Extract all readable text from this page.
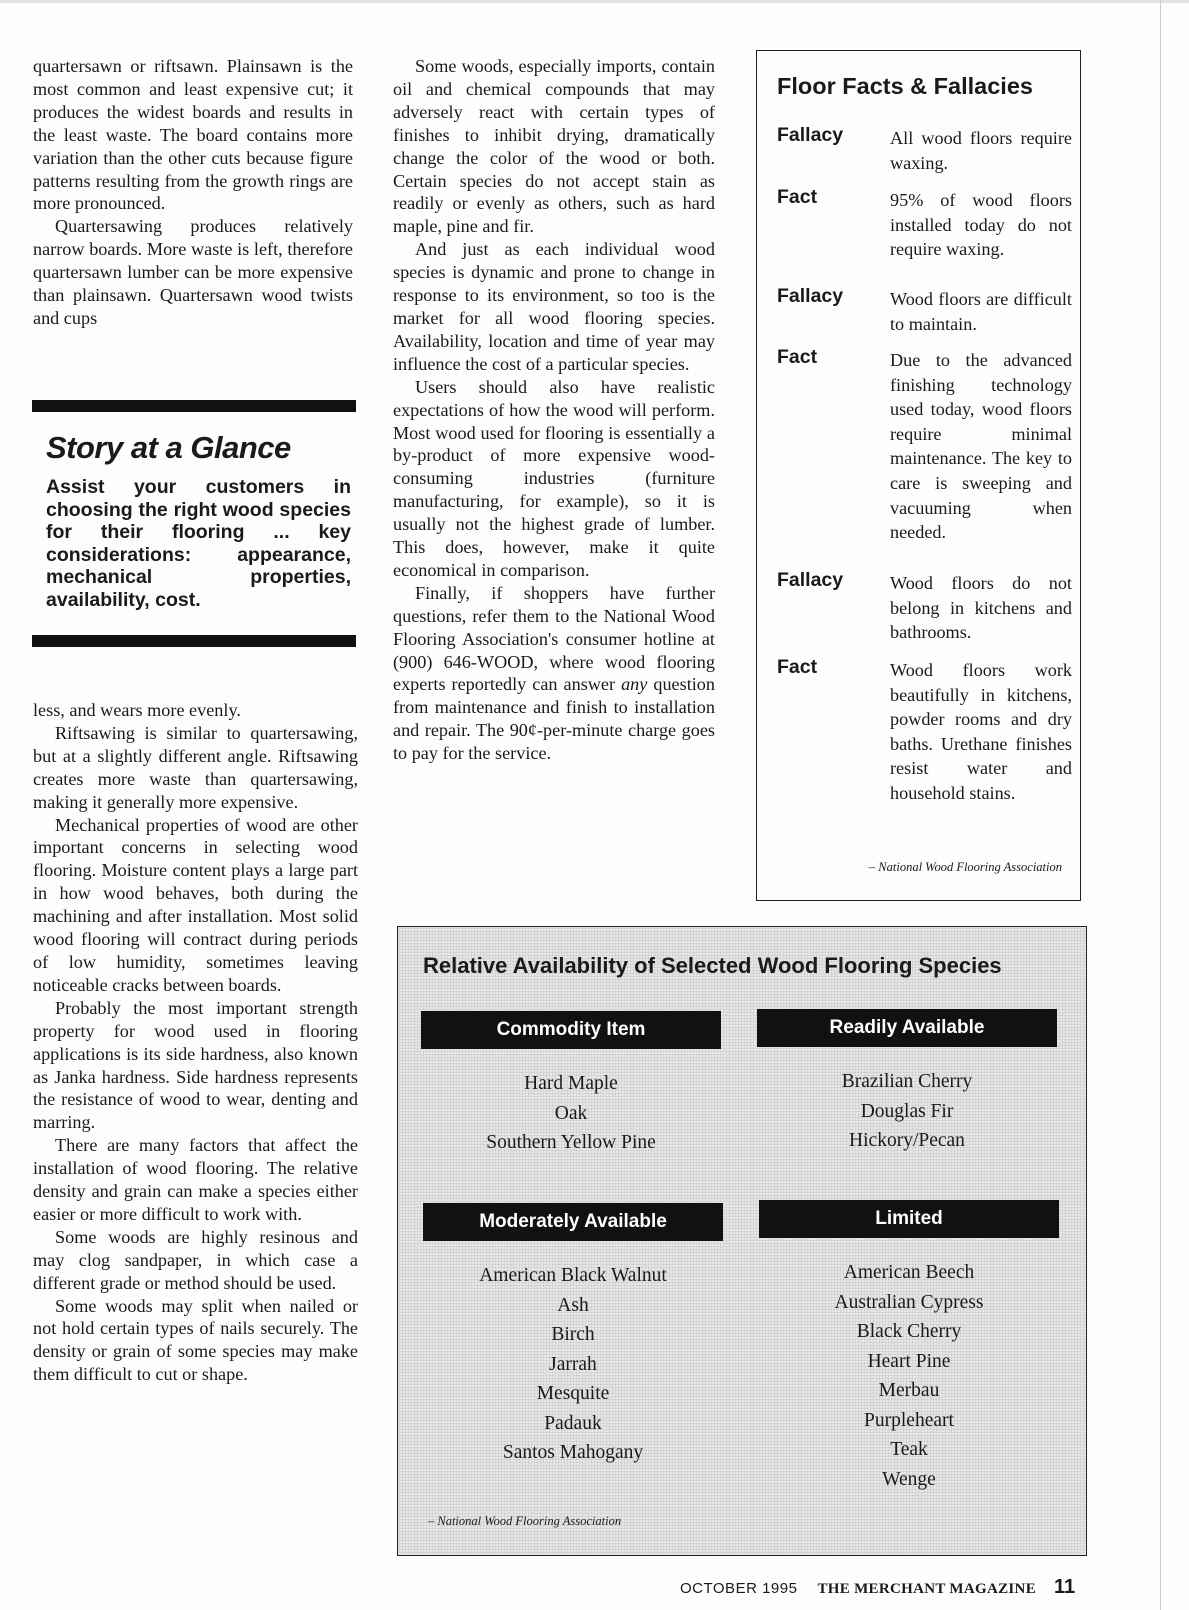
quartersawn or riftsawn. Plainsawn is the most common and least expensive cut; it produces the widest boards and results in the least waste. The board contains more variation than the other cuts because figure patterns resulting from the growth rings are more pronounced.

Quartersawing produces relatively narrow boards. More waste is left, therefore quartersawn lumber can be more expensive than plainsawn. Quartersawn wood twists and cups

Story at a Glance
Assist your customers in choosing the right wood species for their flooring ... key considerations: appearance, mechanical properties, availability, cost.

less, and wears more evenly.

Riftsawing is similar to quartersawing, but at a slightly different angle. Riftsawing creates more waste than quartersawing, making it generally more expensive.

Mechanical properties of wood are other important concerns in selecting wood flooring. Moisture content plays a large part in how wood behaves, both during the machining and after installation. Most solid wood flooring will contract during periods of low humidity, sometimes leaving noticeable cracks between boards.

Probably the most important strength property for wood used in flooring applications is its side hardness, also known as Janka hardness. Side hardness represents the resistance of wood to wear, denting and marring.

There are many factors that affect the installation of wood flooring. The relative density and grain can make a species either easier or more difficult to work with.

Some woods are highly resinous and may clog sandpaper, in which case a different grade or method should be used.

Some woods may split when nailed or not hold certain types of nails securely. The density or grain of some species may make them difficult to cut or shape.

Some woods, especially imports, contain oil and chemical compounds that may adversely react with certain types of finishes to inhibit drying, dramatically change the color of the wood or both. Certain species do not accept stain as readily or evenly as others, such as hard maple, pine and fir.

And just as each individual wood species is dynamic and prone to change in response to its environment, so too is the market for all wood flooring species. Availability, location and time of year may influence the cost of a particular species.

Users should also have realistic expectations of how the wood will perform. Most wood used for flooring is essentially a by-product of more expensive wood-consuming industries (furniture manufacturing, for example), so it is usually not the highest grade of lumber. This does, however, make it quite economical in comparison.

Finally, if shoppers have further questions, refer them to the National Wood Flooring Association's consumer hotline at (900) 646-WOOD, where wood flooring experts reportedly can answer any question from maintenance and finish to installation and repair. The 90¢-per-minute charge goes to pay for the service.

Floor Facts & Fallacies
Fallacy	All wood floors require waxing.
Fact	95% of wood floors installed today do not require waxing.
Fallacy	Wood floors are difficult to maintain.
Fact	Due to the advanced finishing technology used today, wood floors require minimal maintenance. The key to care is sweeping and vacuuming when needed.
Fallacy	Wood floors do not belong in kitchens and bathrooms.
Fact	Wood floors work beautifully in kitchens, powder rooms and dry baths. Urethane finishes resist water and household stains.
– National Wood Flooring Association
Relative Availability of Selected Wood Flooring Species
Commodity Item
Hard Maple
Oak
Southern Yellow Pine
Readily Available
Brazilian Cherry
Douglas Fir
Hickory/Pecan
Moderately Available
American Black Walnut
Ash
Birch
Jarrah
Mesquite
Padauk
Santos Mahogany
Limited
American Beech
Australian Cypress
Black Cherry
Heart Pine
Merbau
Purpleheart
Teak
Wenge
– National Wood Flooring Association
OCTOBER 1995 THE MERCHANT MAGAZINE 11
